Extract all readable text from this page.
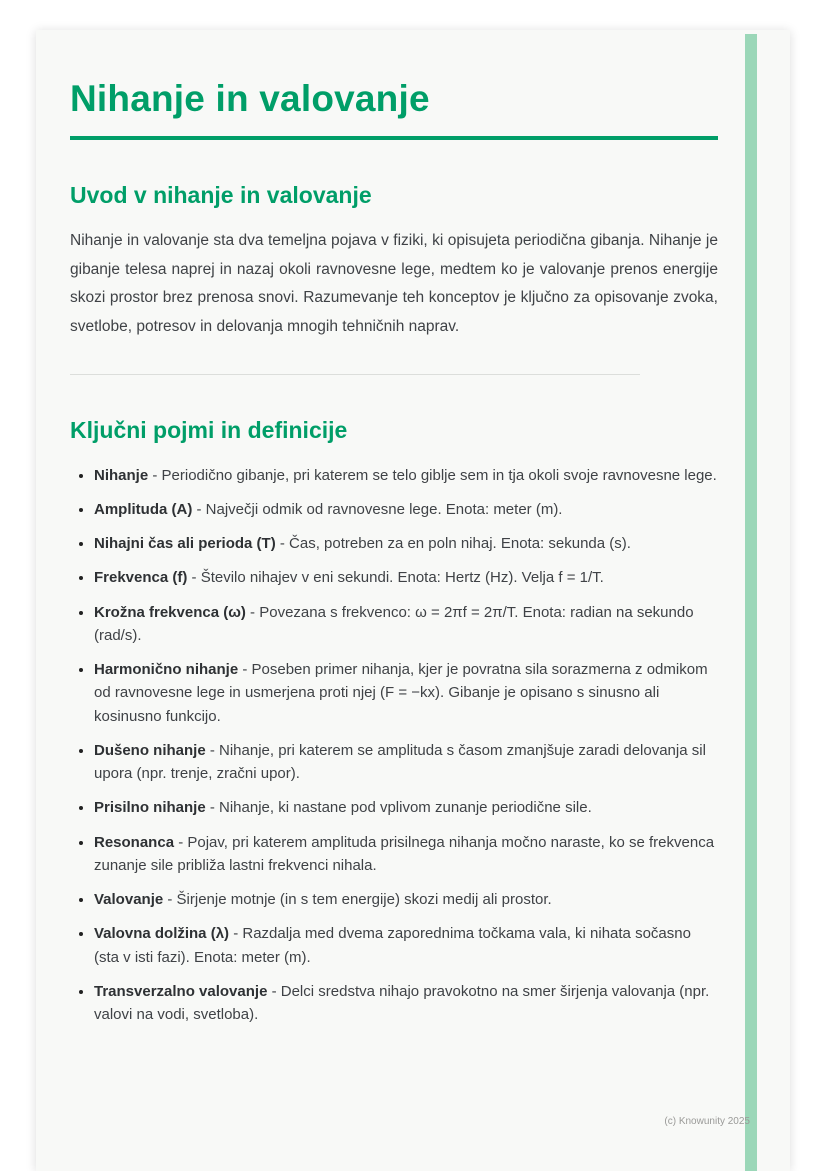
Nihanje in valovanje
Uvod v nihanje in valovanje

Nihanje in valovanje sta dva temeljna pojava v fiziki, ki opisujeta periodična gibanja. Nihanje je gibanje telesa naprej in nazaj okoli ravnovesne lege, medtem ko je valovanje prenos energije skozi prostor brez prenosa snovi. Razumevanje teh konceptov je ključno za opisovanje zvoka, svetlobe, potresov in delovanja mnogih tehničnih naprav.

Ključni pojmi in definicije
• Nihanje - Periodično gibanje, pri katerem se telo giblje sem in tja okoli svoje ravnovesne lege.
• Amplituda (A) - Največji odmik od ravnovesne lege. Enota: meter (m).
• Nihajni čas ali perioda (T) - Čas, potreben za en poln nihaj. Enota: sekunda (s).
• Frekvenca (f) - Število nihajev v eni sekundi. Enota: Hertz (Hz). Velja f = 1/T.
• Krožna frekvenca (ω) - Povezana s frekvenco: ω = 2πf = 2π/T. Enota: radian na sekundo (rad/s).
• Harmonično nihanje - Poseben primer nihanja, kjer je povratna sila sorazmerna z odmikom od ravnovesne lege in usmerjena proti njej (F = −kx). Gibanje je opisano s sinusno ali kosinusno funkcijo.
• Dušeno nihanje - Nihanje, pri katerem se amplituda s časom zmanjšuje zaradi delovanja sil upora (npr. trenje, zračni upor).
• Prisilno nihanje - Nihanje, ki nastane pod vplivom zunanje periodične sile.
• Resonanca - Pojav, pri katerem amplituda prisilnega nihanja močno naraste, ko se frekvenca zunanje sile približa lastni frekvenci nihala.
• Valovanje - Širjenje motnje (in s tem energije) skozi medij ali prostor.
• Valovna dolžina (λ) - Razdalja med dvema zaporednima točkama vala, ki nihata sočasno (sta v isti fazi). Enota: meter (m).
• Transverzalno valovanje - Delci sredstva nihajo pravokotno na smer širjenja valovanja (npr. valovi na vodi, svetloba).
(c) Knowunity 2025
